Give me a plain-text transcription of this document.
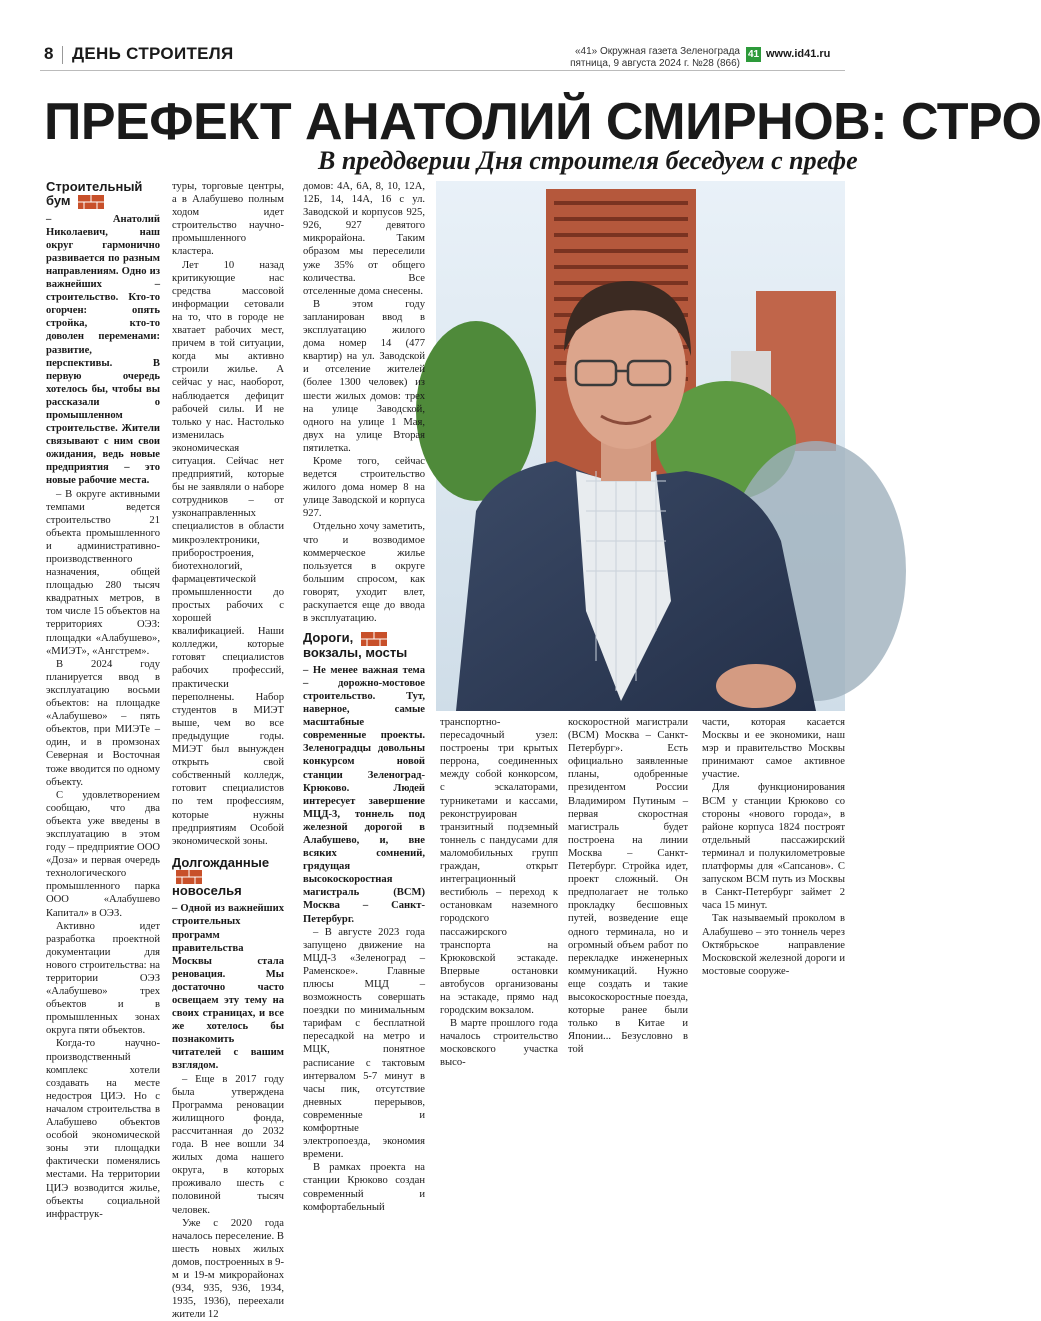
8 ДЕНЬ СТРОИТЕЛЯ	«41» Окружная газета Зеленограда
пятница, 9 августа 2024 г. №28 (866)
41 www.id41.ru
ПРЕФЕКТ АНАТОЛИЙ СМИРНОВ: СТРО
В преддверии Дня строителя беседуем с префе
Строительный бум

– Анатолий Николаевич, наш округ гармонично развивается по разным направлениям. Одно из важнейших – строительство. Кто-то огорчен: опять стройка, кто-то доволен переменами: развитие, перспективы. В первую очередь хотелось бы, чтобы вы рассказали о промышленном строительстве. Жители связывают с ним свои ожидания, ведь новые предприятия – это новые рабочие места.

– В округе активными темпами ведется строительство 21 объекта промышленного и административно-производственного назначения, общей площадью 280 тысяч квадратных метров, в том числе 15 объектов на территориях ОЭЗ: площадки «Алабушево», «МИЭТ», «Ангстрем».

В 2024 году планируется ввод в эксплуатацию восьми объектов: на площадке «Алабушево» – пять объектов, при МИЭТе – один, и в промзонах Северная и Восточная тоже вводится по одному объекту.

С удовлетворением сообщаю, что два объекта уже введены в эксплуатацию в этом году – предприятие ООО «Доза» и первая очередь технологического промышленного парка ООО «Алабушево Капитал» в ОЭЗ.

Активно идет разработка проектной документации для нового строительства: на территории ОЭЗ «Алабушево» трех объектов и в промышленных зонах округа пяти объектов.

Когда-то научно-производственный комплекс хотели создавать на месте недостроя ЦИЭ. Но с началом строительства в Алабушево объектов особой экономической зоны эти площадки фактически поменялись местами. На территории ЦИЭ возводится жилье, объекты социальной инфраструк-

туры, торговые центры, а в Алабушево полным ходом идет строительство научно-промышленного кластера.

Лет 10 назад критикующие нас средства массовой информации сетовали на то, что в городе не хватает рабочих мест, причем в той ситуации, когда мы активно строили жилье. А сейчас у нас, наоборот, наблюдается дефицит рабочей силы. И не только у нас. Настолько изменилась экономическая ситуация. Сейчас нет предприятий, которые бы не заявляли о наборе сотрудников – от узконаправленных специалистов в области микроэлектроники, приборостроения, биотехнологий, фармацевтической промышленности до простых рабочих с хорошей квалификацией. Наши колледжи, которые готовят специалистов рабочих профессий, практически переполнены. Набор студентов в МИЭТ выше, чем во все предыдущие годы. МИЭТ был вынужден открыть свой собственный колледж, готовит специалистов по тем профессиям, которые нужны предприятиям Особой экономической зоны.

Долгожданные
новоселья

– Одной из важнейших строительных программ правительства Москвы стала реновация. Мы достаточно часто освещаем эту тему на своих страницах, и все же хотелось бы познакомить читателей с вашим взглядом.

– Еще в 2017 году была утверждена Программа реновации жилищного фонда, рассчитанная до 2032 года. В нее вошли 34 жилых дома нашего округа, в которых проживало шесть с половиной тысяч человек.

Уже с 2020 года началось переселение. В шесть новых жилых домов, построенных в 9-м и 19-м микрорайонах (934, 935, 936, 1934, 1935, 1936), переехали жители 12

домов: 4А, 6А, 8, 10, 12А, 12Б, 14, 14А, 16 с ул. Заводской и корпусов 925, 926, 927 девятого микрорайона. Таким образом мы переселили уже 35% от общего количества. Все отселенные дома снесены.

В этом году запланирован ввод в эксплуатацию жилого дома номер 14 (477 квартир) на ул. Заводской и отселение жителей (более 1300 человек) из шести жилых домов: трех на улице Заводской, одного на улице 1 Мая, двух на улице Вторая пятилетка.

Кроме того, сейчас ведется строительство жилого дома номер 8 на улице Заводской и корпуса 927.

Отдельно хочу заметить, что и возводимое коммерческое жилье пользуется в округе большим спросом, как говорят, уходит влет, раскупается еще до ввода в эксплуатацию.

Дороги,
вокзалы, мосты

– Не менее важная тема – дорожно-мостовое строительство. Тут, наверное, самые масштабные современные проекты. Зеленоградцы довольны конкурсом новой станции Зеленоград-Крюково. Людей интересует завершение МЦД-3, тоннель под железной дорогой в Алабушево, и, вне всяких сомнений, грядущая высокоскоростная магистраль (ВСМ) Москва – Санкт-Петербург.

– В августе 2023 года запущено движение на МЦД-3 «Зеленоград – Раменское». Главные плюсы МЦД – возможность совершать поездки по минимальным тарифам с бесплатной пересадкой на метро и МЦК, понятное расписание с тактовым интервалом 5-7 минут в часы пик, отсутствие дневных перерывов, современные и комфортные электропоезда, экономия времени.

В рамках проекта на станции Крюково создан современный и комфортабельный

транспортно-пересадочный узел: построены три крытых перрона, соединенных между собой конкорсом, с эскалаторами, турникетами и кассами, реконструирован транзитный подземный тоннель с пандусами для маломобильных групп граждан, открыт интеграционный вестибюль – переход к остановкам наземного городского пассажирского транспорта на Крюковской эстакаде. Впервые остановки автобусов организованы на эстакаде, прямо над городским вокзалом.

В марте прошлого года началось строительство московского участка высо-

коскоростной магистрали (ВСМ) Москва – Санкт-Петербург». Есть официально заявленные планы, одобренные президентом России Владимиром Путиным – первая скоростная магистраль будет построена на линии Москва – Санкт-Петербург. Стройка идет, проект сложный. Он предполагает не только прокладку бесшовных путей, возведение еще одного терминала, но и огромный объем работ по перекладке инженерных коммуникаций. Нужно еще создать и такие высокоскоростные поезда, которые ранее были только в Китае и Японии... Безусловно в той

части, которая касается Москвы и ее экономики, наш мэр и правительство Москвы принимают самое активное участие.

Для функционирования ВСМ у станции Крюково со стороны «нового города», в районе корпуса 1824 построят отдельный пассажирский терминал и полукилометровые платформы для «Сапсанов». С запуском ВСМ путь из Москвы в Санкт-Петербург займет 2 часа 15 минут.

Так называемый проколом в Алабушево – это тоннель через Октябрьское направление Московской железной дороги и мостовые сооруже-
